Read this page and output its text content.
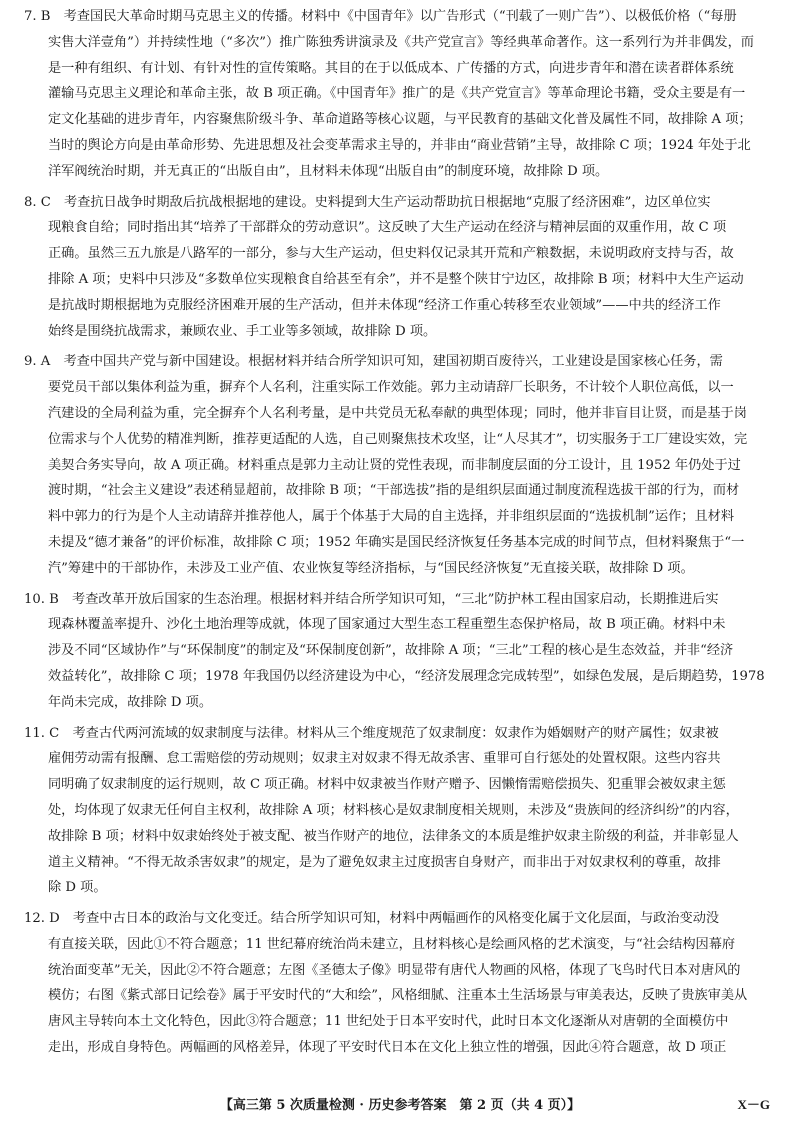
7. B　考查国民大革命时期马克思主义的传播。材料中《中国青年》以广告形式（“刊载了一则广告”）、以极低价格（“每册
实售大洋壹角”）并持续性地（“多次”）推广陈独秀讲演录及《共产党宣言》等经典革命著作。这一系列行为并非偶发，而
是一种有组织、有计划、有针对性的宣传策略。其目的在于以低成本、广传播的方式，向进步青年和潜在读者群体系统
灌输马克思主义理论和革命主张，故 B 项正确。《中国青年》推广的是《共产党宣言》等革命理论书籍，受众主要是有一
定文化基础的进步青年，内容聚焦阶级斗争、革命道路等核心议题，与平民教育的基础文化普及属性不同，故排除 A 项；
当时的舆论方向是由革命形势、先进思想及社会变革需求主导的，并非由“商业营销”主导，故排除 C 项；1924 年处于北
洋军阀统治时期，并无真正的“出版自由”，且材料未体现“出版自由”的制度环境，故排除 D 项。
8. C　考查抗日战争时期敌后抗战根据地的建设。史料提到大生产运动帮助抗日根据地“克服了经济困难”，边区单位实
现粮食自给；同时指出其“培养了干部群众的劳动意识”。这反映了大生产运动在经济与精神层面的双重作用，故 C 项
正确。虽然三五九旅是八路军的一部分，参与大生产运动，但史料仅记录其开荒和产粮数据，未说明政府支持与否，故
排除 A 项；史料中只涉及“多数单位实现粮食自给甚至有余”，并不是整个陕甘宁边区，故排除 B 项；材料中大生产运动
是抗战时期根据地为克服经济困难开展的生产活动，但并未体现“经济工作重心转移至农业领域”——中共的经济工作
始终是围绕抗战需求，兼顾农业、手工业等多领域，故排除 D 项。
9. A　考查中国共产党与新中国建设。根据材料并结合所学知识可知，建国初期百废待兴，工业建设是国家核心任务，需
要党员干部以集体利益为重，摒弃个人名利，注重实际工作效能。郭力主动请辞厂长职务，不计较个人职位高低，以一
汽建设的全局利益为重，完全摒弃个人名利考量，是中共党员无私奉献的典型体现；同时，他并非盲目让贤，而是基于岗
位需求与个人优势的精准判断，推荐更适配的人选，自己则聚焦技术攻坚，让“人尽其才”，切实服务于工厂建设实效，完
美契合务实导向，故 A 项正确。材料重点是郭力主动让贤的党性表现，而非制度层面的分工设计，且 1952 年仍处于过
渡时期，“社会主义建设”表述稍显超前，故排除 B 项；“干部选拔”指的是组织层面通过制度流程选拔干部的行为，而材
料中郭力的行为是个人主动请辞并推荐他人，属于个体基于大局的自主选择，并非组织层面的“选拔机制”运作；且材料
未提及“德才兼备”的评价标准，故排除 C 项；1952 年确实是国民经济恢复任务基本完成的时间节点，但材料聚焦于“一
汽”筹建中的干部协作，未涉及工业产值、农业恢复等经济指标，与“国民经济恢复”无直接关联，故排除 D 项。
10. B　考查改革开放后国家的生态治理。根据材料并结合所学知识可知，“三北”防护林工程由国家启动，长期推进后实
现森林覆盖率提升、沙化土地治理等成就，体现了国家通过大型生态工程重塑生态保护格局，故 B 项正确。材料中未
涉及不同“区域协作”与“环保制度”的制定及“环保制度创新”，故排除 A 项；“三北”工程的核心是生态效益，并非“经济
效益转化”，故排除 C 项；1978 年我国仍以经济建设为中心，“经济发展理念完成转型”，如绿色发展，是后期趋势，1978
年尚未完成，故排除 D 项。
11. C　考查古代两河流域的奴隶制度与法律。材料从三个维度规范了奴隶制度：奴隶作为婚姻财产的财产属性；奴隶被
雇佣劳动需有报酬、怠工需赔偿的劳动规则；奴隶主对奴隶不得无故杀害、重罪可自行惩处的处置权限。这些内容共
同明确了奴隶制度的运行规则，故 C 项正确。材料中奴隶被当作财产赠予、因懒惰需赔偿损失、犯重罪会被奴隶主惩
处，均体现了奴隶无任何自主权利，故排除 A 项；材料核心是奴隶制度相关规则，未涉及“贵族间的经济纠纷”的内容，
故排除 B 项；材料中奴隶始终处于被支配、被当作财产的地位，法律条文的本质是维护奴隶主阶级的利益，并非彰显人
道主义精神。“不得无故杀害奴隶”的规定，是为了避免奴隶主过度损害自身财产，而非出于对奴隶权利的尊重，故排
除 D 项。
12. D　考查中古日本的政治与文化变迁。结合所学知识可知，材料中两幅画作的风格变化属于文化层面，与政治变动没
有直接关联，因此①不符合题意；11 世纪幕府统治尚未建立，且材料核心是绘画风格的艺术演变，与“社会结构因幕府
统治面变革”无关，因此②不符合题意；左图《圣德太子像》明显带有唐代人物画的风格，体现了飞鸟时代日本对唐风的
模仿；右图《紫式部日记绘卷》属于平安时代的“大和绘”，风格细腻、注重本土生活场景与审美表达，反映了贵族审美从
唐风主导转向本土文化特色，因此③符合题意；11 世纪处于日本平安时代，此时日本文化逐渐从对唐朝的全面模仿中
走出，形成自身特色。两幅画的风格差异，体现了平安时代日本在文化上独立性的增强，因此④符合题意，故 D 项正
【高三第 5 次质量检测 · 历史参考答案　第 2 页（共 4 页）】	X－G
